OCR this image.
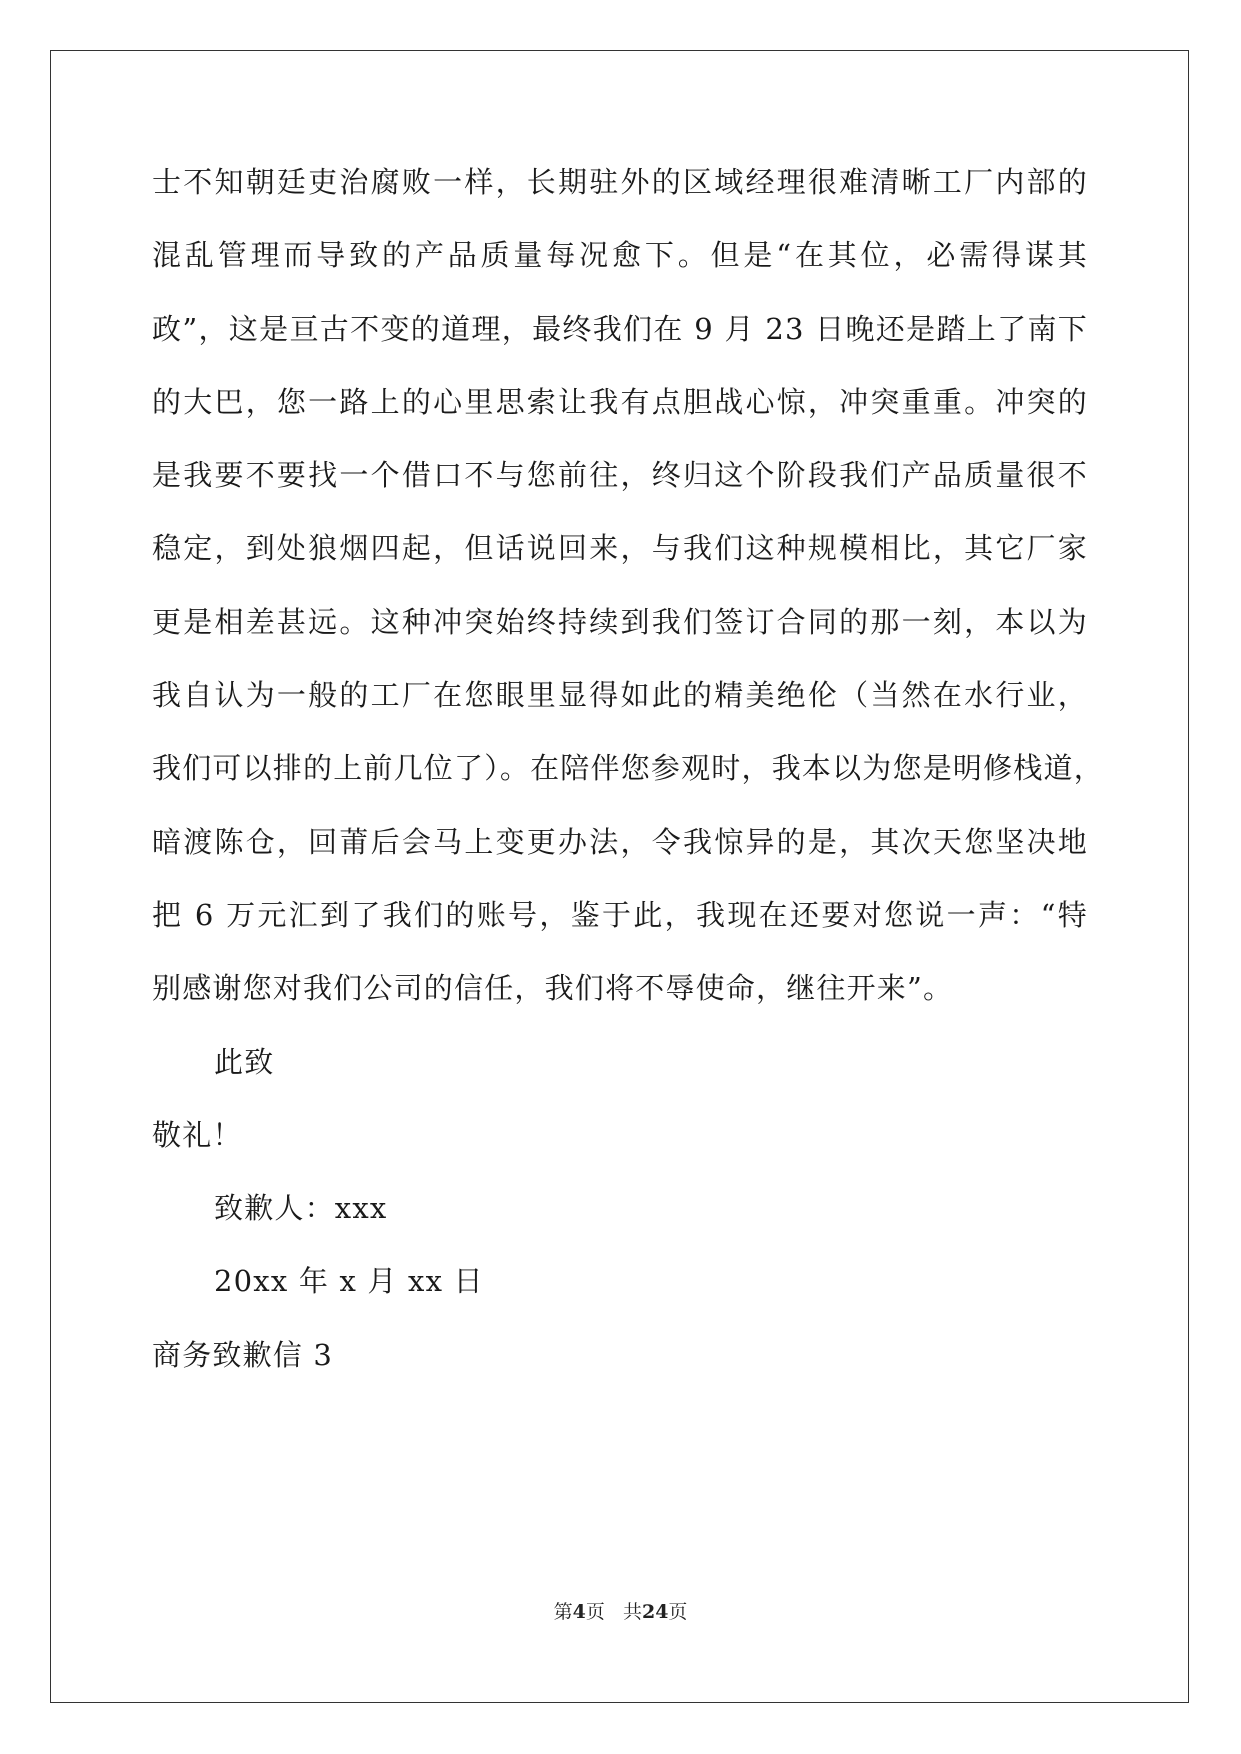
士不知朝廷吏治腐败一样，长期驻外的区域经理很难清晰工厂内部的
混乱管理而导致的产品质量每况愈下。但是“在其位，必需得谋其
政”，这是亘古不变的道理，最终我们在 9 月 23 日晚还是踏上了南下
的大巴，您一路上的心里思索让我有点胆战心惊，冲突重重。冲突的
是我要不要找一个借口不与您前往，终归这个阶段我们产品质量很不
稳定，到处狼烟四起，但话说回来，与我们这种规模相比，其它厂家
更是相差甚远。这种冲突始终持续到我们签订合同的那一刻，本以为
我自认为一般的工厂在您眼里显得如此的精美绝伦（当然在水行业，
我们可以排的上前几位了）。在陪伴您参观时，我本以为您是明修栈道，
暗渡陈仓，回莆后会马上变更办法，令我惊异的是，其次天您坚决地
把 6 万元汇到了我们的账号，鉴于此，我现在还要对您说一声：“特
别感谢您对我们公司的信任，我们将不辱使命，继往开来”。
此致
敬礼！
致歉人：xxx
20xx 年 x 月 xx 日
商务致歉信 3
第4页 共24页
